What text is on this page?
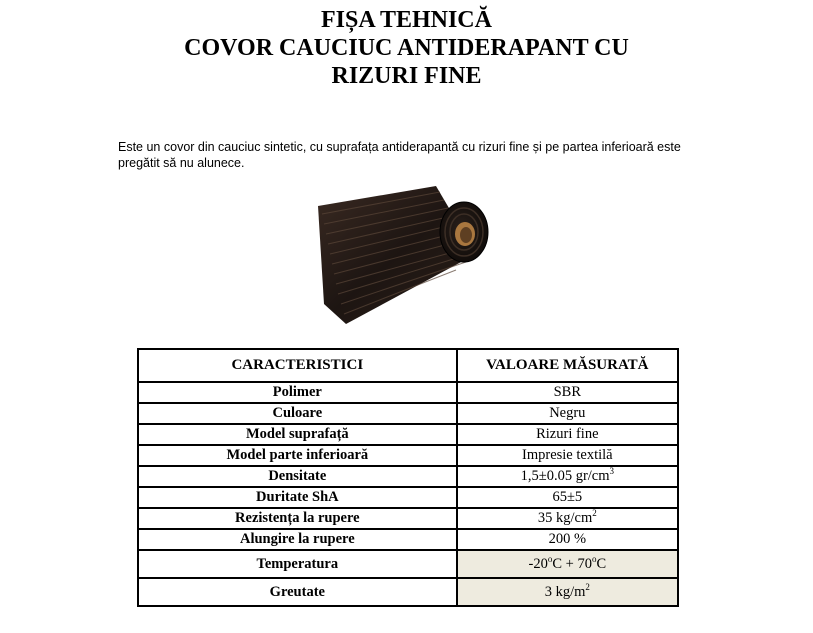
FIȘA TEHNICĂ
COVOR CAUCIUC ANTIDERAPANT CU
RIZURI FINE

Este un covor din cauciuc sintetic, cu suprafața antiderapantă cu rizuri fine și pe partea inferioară este pregătit să nu alunece.

CARACTERISTICI	VALOARE MĂSURATĂ
Polimer	SBR
Culoare	Negru
Model suprafață	Rizuri fine
Model parte inferioară	Impresie textilă
Densitate	1,5±0.05 $gr/cm^3$
Duritate ShA	65±5
Rezistența la rupere	35 $kg/cm^2$
Alungire la rupere	200 %
Temperatura	$-20^oC + 70^oC$
Greutate	3 $kg/m^2$
